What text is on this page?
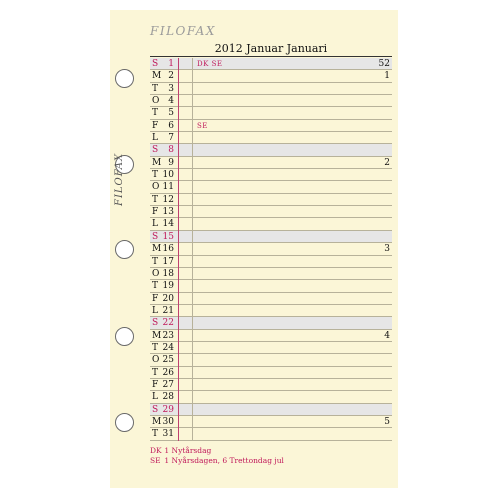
FILOFAX
FILOFAX
2012 Januar Januari
S	1	DK SE	52
M 2	1
T	3
O 4
T	5
F	6	SE
L	7
S	8
M 9	2
T 10
O 11
T 12
F 13
L 14
S 15
M 16	3
T 17
O 18
T 19
F 20
L 21
S 22
M 23	4
T 24
O 25
T 26
F 27
L 28
S 29
M 30	5
T 31
DK 1 Nytårsdag
SE 1 Nyårsdagen, 6 Trettondag jul
